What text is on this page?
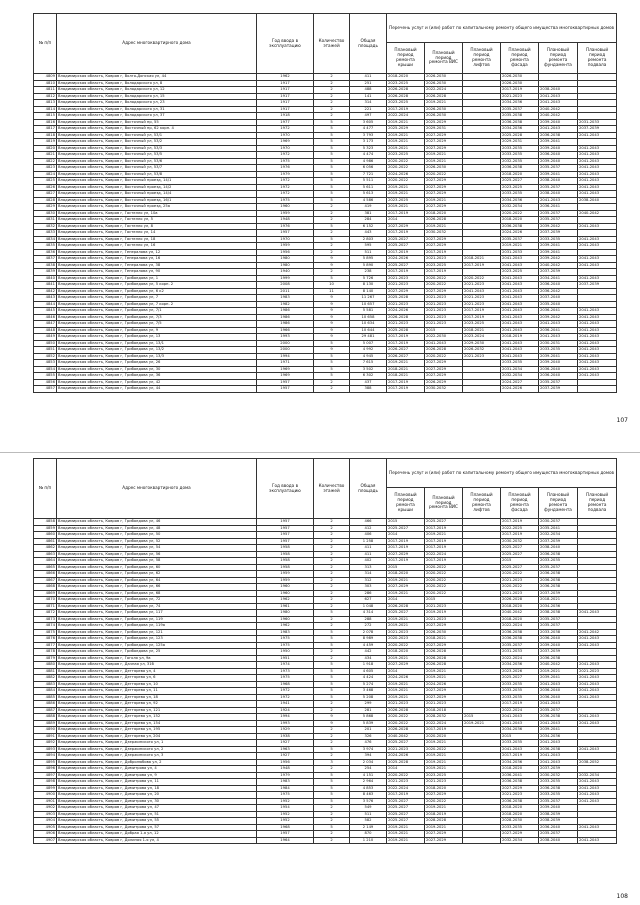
№ п/п	Адрес многоквартирного дома	Год ввода в эксплуатацию	Количество этажей	Общая площадь	Перечень услуг и (или) работ по капитальному ремонту общего имущества многоквартирных домов					
					Плановый период ремонта крыши	Плановый период ремонта ВИС	Плановый период ремонта лифтов	Плановый период ремонта фасада	Плановый период ремонта фундамента	Плановый период ремонта подвала
4809	Владимирская область, Ковров г, Волго-Донская ул, 44	1962	2	411	2018-2020	2026-2030		2026-2030		
4810	Владимирская область, Ковров г, Володарского ул, 8	1917	2	251	2023-2025	2026-2030		2026-2030		
4811	Владимирская область, Ковров г, Володарского ул, 12	1917	2	488	2026-2028	2022-2024		2017-2019	2038-2040	
4812	Владимирская область, Ковров г, Володарского ул, 15	1917	2	141	2026-2028	2026-2028		2021-2023	2041-2043	
4813	Владимирская область, Ковров г, Володарского ул, 23	1917	2	314	2023-2025	2019-2021		2034-2036	2041-2043	
4814	Владимирская область, Ковров г, Володарского ул, 31	1917	2	221	2017-2019	2026-2030		2035-2037	2040-2042	
4815	Владимирская область, Ковров г, Володарского ул, 37	1918	2	497	2022-2024	2026-2030		2035-2038	2040-2042	
4816	Владимирская область, Ковров г, Восточный пр, 55	1977	5	3 605	2019-2021	2025-2029		2036-2038	2039-2040	2031-2033
4817	Владимирская область, Ковров г, Восточный пр, 62 корп. 4	1972	5	4 477	2025-2029	2029-2031		2034-2036	2041-2043	2037-2039
4818	Владимирская область, Ковров г, Восточный ул, 53/1	1970	5	3 793	2019-2021	2027-2029		2025-2028	2036-2038	2041-2043
4819	Владимирская область, Ковров г, Восточный ул, 53/2	1969	5	3 173	2019-2021	2027-2029		2029-2031	2039-2041	
4820	Владимирская область, Ковров г, Восточный ул, 53/3	1970	5	5 323	2019-2021	2027-2029		2033-2035	2039-2040	2041-2043
4821	Владимирская область, Ковров г, Восточный ул, 53/5	1972	5	4 474	2023-2025	2019-2021		2033-2035	2036-2040	2041-2043
4822	Владимирская область, Ковров г, Восточный ул, 53/6	1975	5	4 986	2020-2022	2019-2021		2032-2035	2039-2040	2041-2043
4823	Владимирская область, Ковров г, Восточный ул, 53/7	1976	5	6 056	2020-2022	2026-2030		2036-2038	2035-2037	2041-2043
4824	Владимирская область, Ковров г, Восточный ул, 53/8	1979	5	7 721	2024-2026	2020-2022		2018-2020	2039-2041	2041-2043
4825	Владимирская область, Ковров г, Восточный проезд, 14/1	1972	5	5 511	2020-2022	2027-2029		2025-2027	2038-2040	2041-2043
4826	Владимирская область, Ковров г, Восточный проезд, 14/2	1972	5	5 611	2019-2021	2027-2029		2023-2025	2035-2037	2041-2043
4827	Владимирская область, Ковров г, Восточный проезд, 14/4	1972	5	5 613	2019-2021	2027-2029		2033-2035	2038-2040	2041-2043
4828	Владимирская область, Ковров г, Восточный проезд, 16/1	1975	5	4 586	2023-2025	2019-2021		2034-2036	2041-2043	2038-2040
4829	Владимирская область, Ковров г, Восточный проезд, 25а	1960	2	419	2019-2021	2027-2029		2032-2034	2036-2041	
4830	Владимирская область, Ковров г, Гастелло ул, 10а	1959	2	381	2017-2019	2018-2020		2020-2022	2035-2037	2040-2042
4831	Владимирская область, Ковров г, Гастелло ул, 5	1948	2	284	2014	2026-2028		2018-2020	2035-2037	
4832	Владимирская область, Ковров г, Гастелло ул, 8	1976	5	6 152	2027-2029	2019-2021		2036-2038	2039-2042	2041-2043
4833	Владимирская область, Ковров г, Гастелло ул, 14	1957	2	443	2017-2019	2030-2032		2024-2026	2037-2039	
4834	Владимирская область, Ковров г, Гастелло ул, 18	1970	5	2 803	2025-2027	2027-2029		2035-2037	2033-2035	2041-2043
4835	Владимирская область, Ковров г, Гастелло ул, 16	1959	2	595	2025-2027	2027-2029		2019-2021	2039-2041	2041-2043
4836	Владимирская область, Ковров г, Генералова ул, 12	1956	2	511	2017-2019	2017-2019		2031-2033	2039-2041	
4837	Владимирская область, Ковров г, Генералова ул, 16	1980	9	5 895	2024-2026	2021-2023	2018-2021	2041-2043	2039-2042	2041-2043
4838	Владимирская область, Ковров г, Генералова ул, 38	1980	9	5 890	2025-2027	2023-2025	2017-2019	2041-2043	2040-2042	2041-2043
4839	Владимирская область, Ковров г, Генералова ул, 90	1940	2	238	2017-2019	2017-2019		2023-2025	2037-2039	
4840	Владимирская область, Ковров г, Грибоедова ул, 1	1999	5	5 726	2021-2023	2020-2022	2020-2022	2041-2043	2034-2041	2041-2043
4841	Владимирская область, Ковров г, Грибоедова ул, 5 корп. 2	2008	10	8 130	2021-2023	2020-2022	2021-2023	2041-2043	2036-2040	2037-2039
4842	Владимирская область, Ковров г, Грибоедова ул, 6 к2	2011	11	8 140	2027-2029	2027-2029	2041-2043	2041-2043	2036-2042	
4843	Владимирская область, Ковров г, Грибоедова ул, 7	1983	9	11 267	2025-2028	2021-2023	2021-2023	2041-2043	2037-2040	
4844	Владимирская область, Ковров г, Грибоедова ул, 7 корп. 2	1982	9	10 657	2021-2023	2021-2023	2021-2023	2041-2043	2035-2040	
4845	Владимирская область, Ковров г, Грибоедова ул, 7/1	1986	9	5 581	2024-2026	2021-2023	2017-2019	2041-2043	2036-2041	2041-2043
4846	Владимирская область, Ковров г, Грибоедова ул, 7/3	1986	9	10 658	2026-2028	2021-2023	2017-2019	2041-2043	2039-2042	2041-2043
4847	Владимирская область, Ковров г, Грибоедова ул, 7/5	1986	9	10 634	2021-2023	2021-2023	2023-2025	2041-2043	2041-2043	2041-2043
4848	Владимирская область, Ковров г, Грибоедова ул, 9	1966	9	10 644	2025-2028	2015	2018-2021	2041-2043	2036-2041	2041-2043
4849	Владимирская область, Ковров г, Грибоедова ул, 13	1993	9	29 481	2017-2019	2022-2030	2023-2024	2018-2019	2041-2043	2041-2043
4850	Владимирская область, Ковров г, Грибоедова ул, 13/1	2000	5	5 007	2017-2019	2041-2043	2029-2030	2041-2043	2030-2031	2041-2043
4851	Владимирская область, Ковров г, Грибоедова ул, 13/2	2000	9	4 992	2026-2027	2026-2028	2026-2032	2041-2043	2033-2035	2041-2043
4852	Владимирская область, Ковров г, Грибоедова ул, 13/3	1994	5	4 945	2026-2027	2020-2022	2021-2023	2041-2043	2039-2041	2041-2043
4853	Владимирская область, Ковров г, Грибоедова ул, 26	1971	5	7 615	2019-2021	2027-2029		2033-2035	2039-2040	2041-2043
4854	Владимирская область, Ковров г, Грибоедова ул, 30	1969	5	3 502	2018-2021	2027-2029		2031-2034	2036-2040	2041-2043
4855	Владимирская область, Ковров г, Грибоедова ул, 36	1969	5	6 302	2018-2021	2027-2029		2032-2034	2036-2040	2041-2043
4856	Владимирская область, Ковров г, Грибоедова ул, 42	1957	2	437	2017-2019	2026-2029		2024-2027	2035-2037	
4857	Владимирская область, Ковров г, Грибоедова ул, 44	1957	2	388	2017-2019	2030-2032		2024-2026	2037-2039	
107
№ п/п	Адрес многоквартирного дома	Год ввода в эксплуатацию	Количество этажей	Общая площадь	Перечень услуг и (или) работ по капитальному ремонту общего имущества многоквартирных домов					
					Плановый период ремонта крыши	Плановый период ремонта ВИС	Плановый период ремонта лифтов	Плановый период ремонта фасада	Плановый период ремонта фундамента	Плановый период ремонта подвала
4858	Владимирская область, Ковров г, Грибоедова ул, 46	1957	2	466	2015	2025-2027		2017-2019	2030-2037	
4859	Владимирская область, Ковров г, Грибоедова ул, 48	1957	2	412	2025-2027	2017-2019		2022-2025	2035-2041	
4860	Владимирская область, Ковров г, Грибоедова ул, 50	1957	2	406	2014	2019-2021		2017-2019	2032-2034	
4861	Владимирская область, Ковров г, Грибоедова ул, 52	1957	2	1 258	2017-2019	2017-2019		2030-2032	2037-2039	
4862	Владимирская область, Ковров г, Грибоедова ул, 54	1958	2	411	2017-2019	2017-2019		2025-2027	2038-2040	
4863	Владимирская область, Ковров г, Грибоедова ул, 56	1958	2	411	2027-2029	2022-2024		2025-2027	2036-2038	
4864	Владимирская область, Ковров г, Грибоедова ул, 58	1958	2	402	2017-2019	2017-2019		2015	2033-2035	
4865	Владимирская область, Ковров г, Грибоедова ул, 60	1958	2	313	2015	2020-2022		2025-2027	2035-2037	
4866	Владимирская область, Ковров г, Грибоедова ул, 62	1959	2	314	2018-2020	2020-2022		2020-2022	2036-2038	
4867	Владимирская область, Ковров г, Грибоедова ул, 64	1959	2	312	2019-2021	2020-2022		2021-2023	2036-2038	
4868	Владимирская область, Ковров г, Грибоедова ул, 66	1960	2	303	2027-2029	2020-2022		2020-2022	2036-2038	
4869	Владимирская область, Ковров г, Грибоедова ул, 68	1960	2	286	2019-2021	2020-2022		2021-2023	2037-2039	
4870	Владимирская область, Ковров г, Грибоедова ул, 72	1962	2	627	2014	2015		2026-2028	2018-2021	
4871	Владимирская область, Ковров г, Грибоедова ул, 74	1961	2	1 048	2026-2028	2021-2023		2018-2020	2034-2036	
4872	Владимирская область, Ковров г, Грибоедова ул, 117	1980	5	4 314	2025-2027	2019-2019		2040-2042	2038-2038	2041-2043
4873	Владимирская область, Ковров г, Грибоедова ул, 119	1960	2	288	2019-2021	2021-2023		2018-2020	2035-2037	
4874	Владимирская область, Ковров г, Грибоедова ул, 119а	1962	2	272	2019-2021	2027-2029		2022-2024	2035-2037	
4875	Владимирская область, Ковров г, Грибоедова ул, 121	1983	5	2 078	2021-2023	2026-2030		2036-2038	2033-2038	2041-2042
4876	Владимирская область, Ковров г, Грибоедова ул, 123	1975	5	8 989	2020-2023	2018-2021		2036-2038	2036-2040	2041-2043
4877	Владимирская область, Ковров г, Грибоедова ул, 125а	1975	5	4 459	2020-2022	2027-2029		2035-2037	2039-2040	2041-2043
4878	Владимирская область, Ковров г, Грибоедова ул, 25	1950	2	442	2018-2020	2026-2028		2031-2033	2037-2039	
4879	Владимирская область, Ковров г, Гоголя ул, 9а	1951	2	434	2019-2021	2026-2028		2022-2024	2036-2038	
4880	Владимирская область, Ковров г, Дачная ул, 31б	1974	5	1 918	2027-2029	2026-2028		2034-2036	2040-2042	2041-2043
4881	Владимирская область, Ковров г, Дегтярева ул, 4	1973	5	4 605	2014	2019-2021		2023-2026	2019-2021	2021-2023
4882	Владимирская область, Ковров г, Дегтярева ул, 6	1975	5	4 424	2024-2026	2019-2021		2025-2027	2039-2041	2041-2043
4883	Владимирская область, Ковров г, Дегтярева ул, 10	1968	5	5 274	2019-2021	2024-2026		2033-2035	2041-2043	2041-2043
4884	Владимирская область, Ковров г, Дегтярева ул, 11	1972	5	3 468	2019-2021	2027-2029		2033-2035	2036-2040	2041-2043
4885	Владимирская область, Ковров г, Дегтярева ул, 18	1972	5	5 208	2019-2021	2027-2029		2033-2035	2036-2040	2041-2043
4886	Владимирская область, Ковров г, Дегтярева ул, 92	1941	2	299	2021-2023	2021-2023		2017-2019	2041-2043	
4887	Владимирская область, Ковров г, Дегтярева ул, 121	1924	2	281	2026-2028	2018-2018		2022-2024	2035-2037	
4888	Владимирская область, Ковров г, Дегтярева ул, 152	1994	9	5 868	2020-2022	2028-2032	2015	2041-2043	2036-2038	2041-2043
4889	Владимирская область, Ковров г, Дегтярева ул, 154	1993	9	5 839	2020-2022	2022-2024	2019-2021	2041-2043	2041-2043	2041-2043
4890	Владимирская область, Ковров г, Дегтярева ул, 195	1929	2	201	2026-2028	2017-2019		2034-2036	2039-2041	
4891	Владимирская область, Ковров г, Дегтярева ул, 204	1938	2	326	2040-2042	2020-2020		2015	2034-2036	
4892	Владимирская область, Ковров г, Дзержинского ул, 1	1927	2	476	2025-2027	2019-2021		2033-2035	2041-2043	
4893	Владимирская область, Ковров г, Дзержинского ул, 2	1963	5	3 974	2021-2023	2020-2022		2041-2043	2036-2038	2041-2043
4894	Владимирская область, Ковров г, Дзержинского ул, 3	1927	2	394	2024-2026	2019-2021		2017-2019	2041-2043	
4895	Владимирская область, Ковров г, Добролюбова ул, 2	1956	3	2 034	2025-2028	2019-2021		2034-2036	2041-2043	2038-2052
4896	Владимирская область, Ковров г, Димитрова ул, 4	1948	2	254	2014	2019-2021		2018-2020	2037-2039	
4897	Владимирская область, Ковров г, Димитрова ул, 9	1979	5	4 151	2020-2022	2023-2025		2036-2041	2030-2032	2032-2034
4898	Владимирская область, Ковров г, Димитрова ул, 11	1983	5	2 964	2021-2023	2021-2023		2036-2038	2033-2035	2041-2043
4899	Владимирская область, Ковров г, Димитрова ул, 18	1984	5	4 853	2022-2024	2018-2020		2027-2029	2036-2038	2041-2043
4900	Владимирская область, Ковров г, Димитрова ул, 20	1975	5	8 463	2017-2019	2027-2029		2021-2023	2033-2035	2041-2043
4901	Владимирская область, Ковров г, Димитрова ул, 30	1952	5	3 576	2025-2027	2020-2022		2036-2038	2035-2037	2041-2043
4902	Владимирская область, Ковров г, Димитрова ул, 47	1954	2	549	2025-2027	2019-2021		2018-2020	2039-2040	
4903	Владимирская область, Ковров г, Димитрова ул, 51	1952	2	511	2025-2027	2018-2019		2018-2020	2038-2039	
4904	Владимирская область, Ковров г, Димитрова ул, 55	1952	2	582	2025-2027	2028-2028		2028-2030	2038-2039	
4905	Владимирская область, Ковров г, Димитрова ул, 57	1968	5	2 149	2019-2021	2019-2021		2033-2035	2036-2040	2041-2043
4906	Владимирская область, Ковров г, Добрая 1-я ул, 12	1957	2	870	2019-2021	2027-2029		2027-2029	2035-2037	
4907	Владимирская область, Ковров г, Долиная 1-я ул, 4	1964	2	1 210	2019-2021	2027-2029		2032-2034	2038-2040	2041-2043
108
